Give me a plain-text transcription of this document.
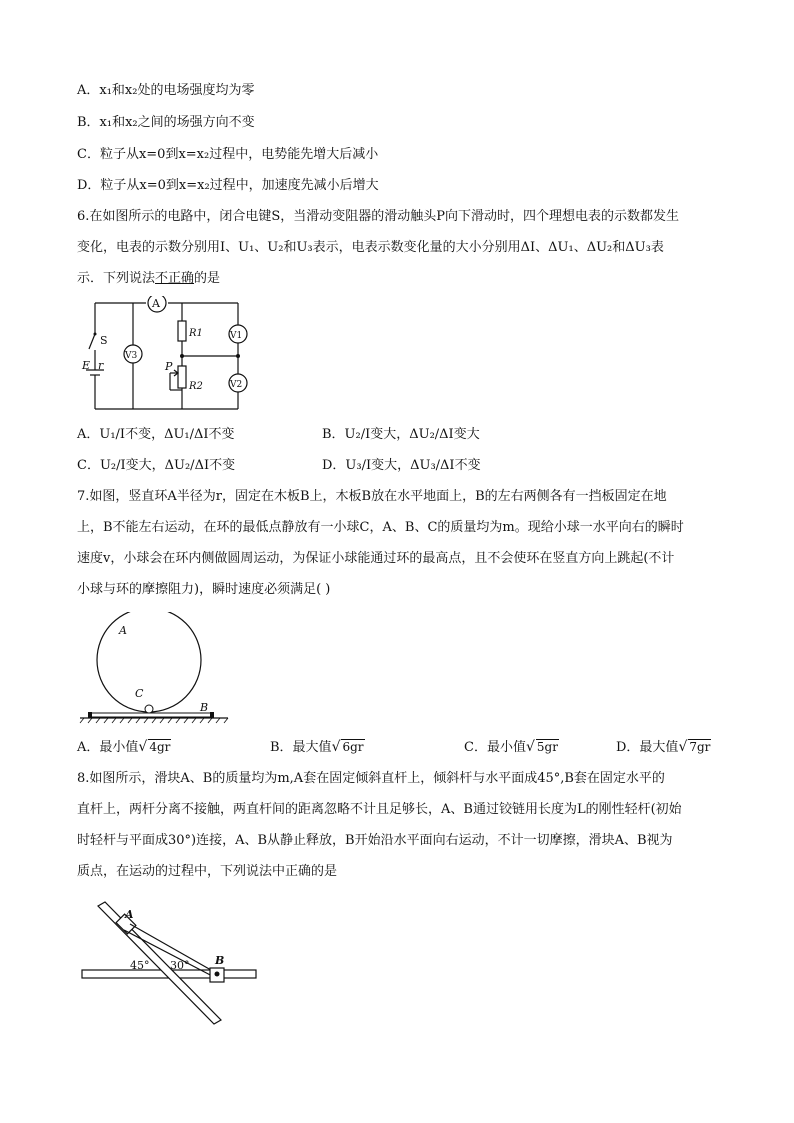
A．x₁和x₂处的电场强度均为零
B．x₁和x₂之间的场强方向不变
C．粒子从x=0到x=x₂过程中，电势能先增大后减小
D．粒子从x=0到x=x₂过程中，加速度先减小后增大
6.在如图所示的电路中，闭合电键S，当滑动变阻器的滑动触头P向下滑动时，四个理想电表的示数都发生
变化，电表的示数分别用I、U₁、U₂和U₃表示，电表示数变化量的大小分别用ΔI、ΔU₁、ΔU₂和ΔU₃表
示．下列说法不正确的是
A
V3
V1
V2
S
E r
R1
R2
P
A．U₁/I不变，ΔU₁/ΔI不变	B．U₂/I变大，ΔU₂/ΔI变大
C．U₂/I变大，ΔU₂/ΔI不变	D．U₃/I变大，ΔU₃/ΔI不变
7.如图，竖直环A半径为r，固定在木板B上，木板B放在水平地面上，B的左右两侧各有一挡板固定在地
上，B不能左右运动，在环的最低点静放有一小球C，A、B、C的质量均为m。现给小球一水平向右的瞬时
速度v，小球会在环内侧做圆周运动，为保证小球能通过环的最高点，且不会使环在竖直方向上跳起(不计
小球与环的摩擦阻力)，瞬时速度必须满足( )
A
C
B
A．最小值√ 4gr	B．最大值√ 6gr	C．最小值√ 5gr	D．最大值√ 7gr
8.如图所示，滑块A、B的质量均为m,A套在固定倾斜直杆上，倾斜杆与水平面成45°,B套在固定水平的
直杆上，两杆分离不接触，两直杆间的距离忽略不计且足够长，A、B通过铰链用长度为L的刚性轻杆(初始
时轻杆与平面成30°)连接，A、B从静止释放，B开始沿水平面向右运动，不计一切摩擦，滑块A、B视为
质点，在运动的过程中，下列说法中正确的是
A
B
45° 30°
